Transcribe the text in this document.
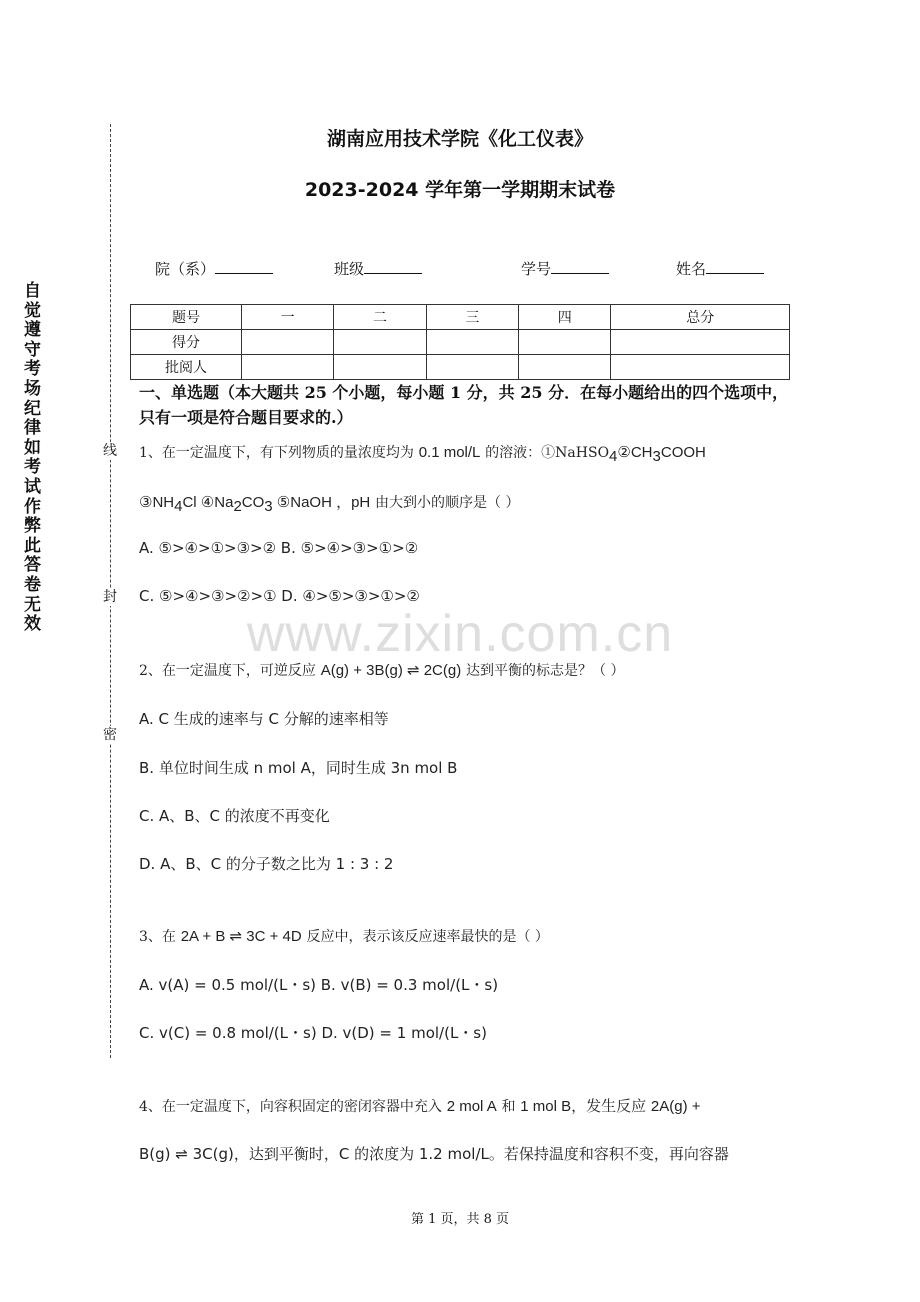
自觉遵守考场纪律如考试作弊此答卷无效
线
封
密
湖南应用技术学院《化工仪表》
2023-2024 学年第一学期期末试卷
院（系）	班级	学号	姓名
题号	一	二	三	四	总分
得分					
批阅人					
一、单选题（本大题共 25 个小题，每小题 1 分，共 25 分．在每小题给出的四个选项中，只有一项是符合题目要求的.）
1、在一定温度下，有下列物质的量浓度均为 0.1 mol/L 的溶液：$①NaHSO_4②CH_3COOH$
$③NH_4Cl$ $④Na_2CO_3$ ⑤NaOH ，pH 由大到小的顺序是（ ）
A. ⑤>④>①>③>② B. ⑤>④>③>①>②
C. ⑤>④>③>②>① D. ④>⑤>③>①>②
www.zixin.com.cn
2、在一定温度下，可逆反应 A(g) + 3B(g) ⇌ 2C(g) 达到平衡的标志是？（ ）
A. C 生成的速率与 C 分解的速率相等
B. 单位时间生成 n mol A，同时生成 3n mol B
C. A、B、C 的浓度不再变化
D. A、B、C 的分子数之比为 1 : 3 : 2
3、在 2A + B ⇌ 3C + 4D 反应中，表示该反应速率最快的是（ ）
A. v(A) = 0.5 mol/(L・s) B. v(B) = 0.3 mol/(L・s)
C. v(C) = 0.8 mol/(L・s) D. v(D) = 1 mol/(L・s)
4、在一定温度下，向容积固定的密闭容器中充入 2 mol A 和 1 mol B，发生反应 2A(g) +
B(g) ⇌ 3C(g)，达到平衡时，C 的浓度为 1.2 mol/L。若保持温度和容积不变，再向容器
第 1 页，共 8 页
